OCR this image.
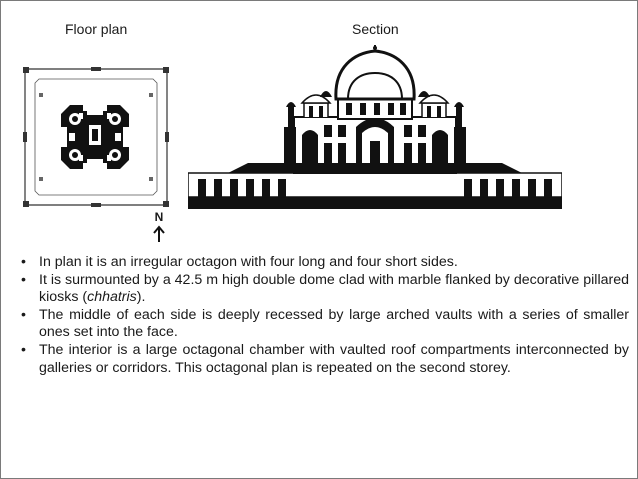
Floor plan	Section
N
• In plan it is an irregular octagon with four long and four short sides.
• It is surmounted by a 42.5 m high double dome clad with marble flanked by decorative pillared kiosks (chhatris).
• The middle of each side is deeply recessed by large arched vaults with a series of smaller ones set into the face.
• The interior is a large octagonal chamber with vaulted roof compartments interconnected by galleries or corridors. This octagonal plan is repeated on the second storey.
